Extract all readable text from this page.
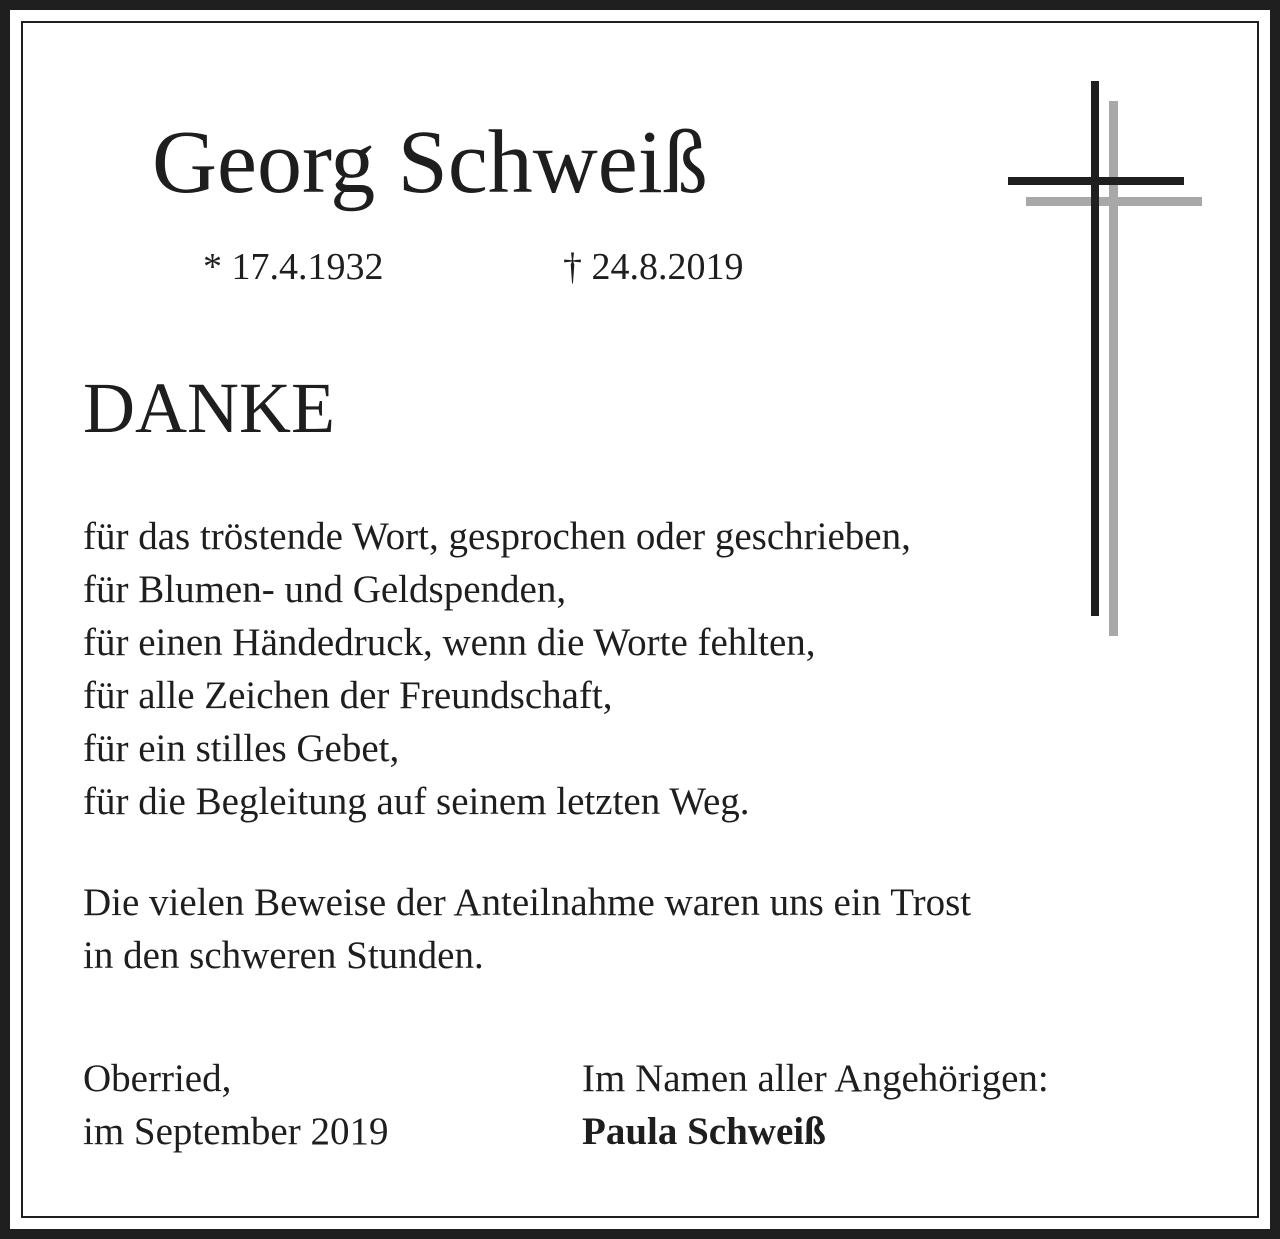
Georg Schweiß
* 17.4.1932	† 24.8.2019
DANKE
für das tröstende Wort, gesprochen oder geschrieben,
für Blumen- und Geldspenden,
für einen Händedruck, wenn die Worte fehlten,
für alle Zeichen der Freundschaft,
für ein stilles Gebet,
für die Begleitung auf seinem letzten Weg.
Die vielen Beweise der Anteilnahme waren uns ein Trost
in den schweren Stunden.
Oberried,
im September 2019
Im Namen aller Angehörigen:
Paula Schweiß
